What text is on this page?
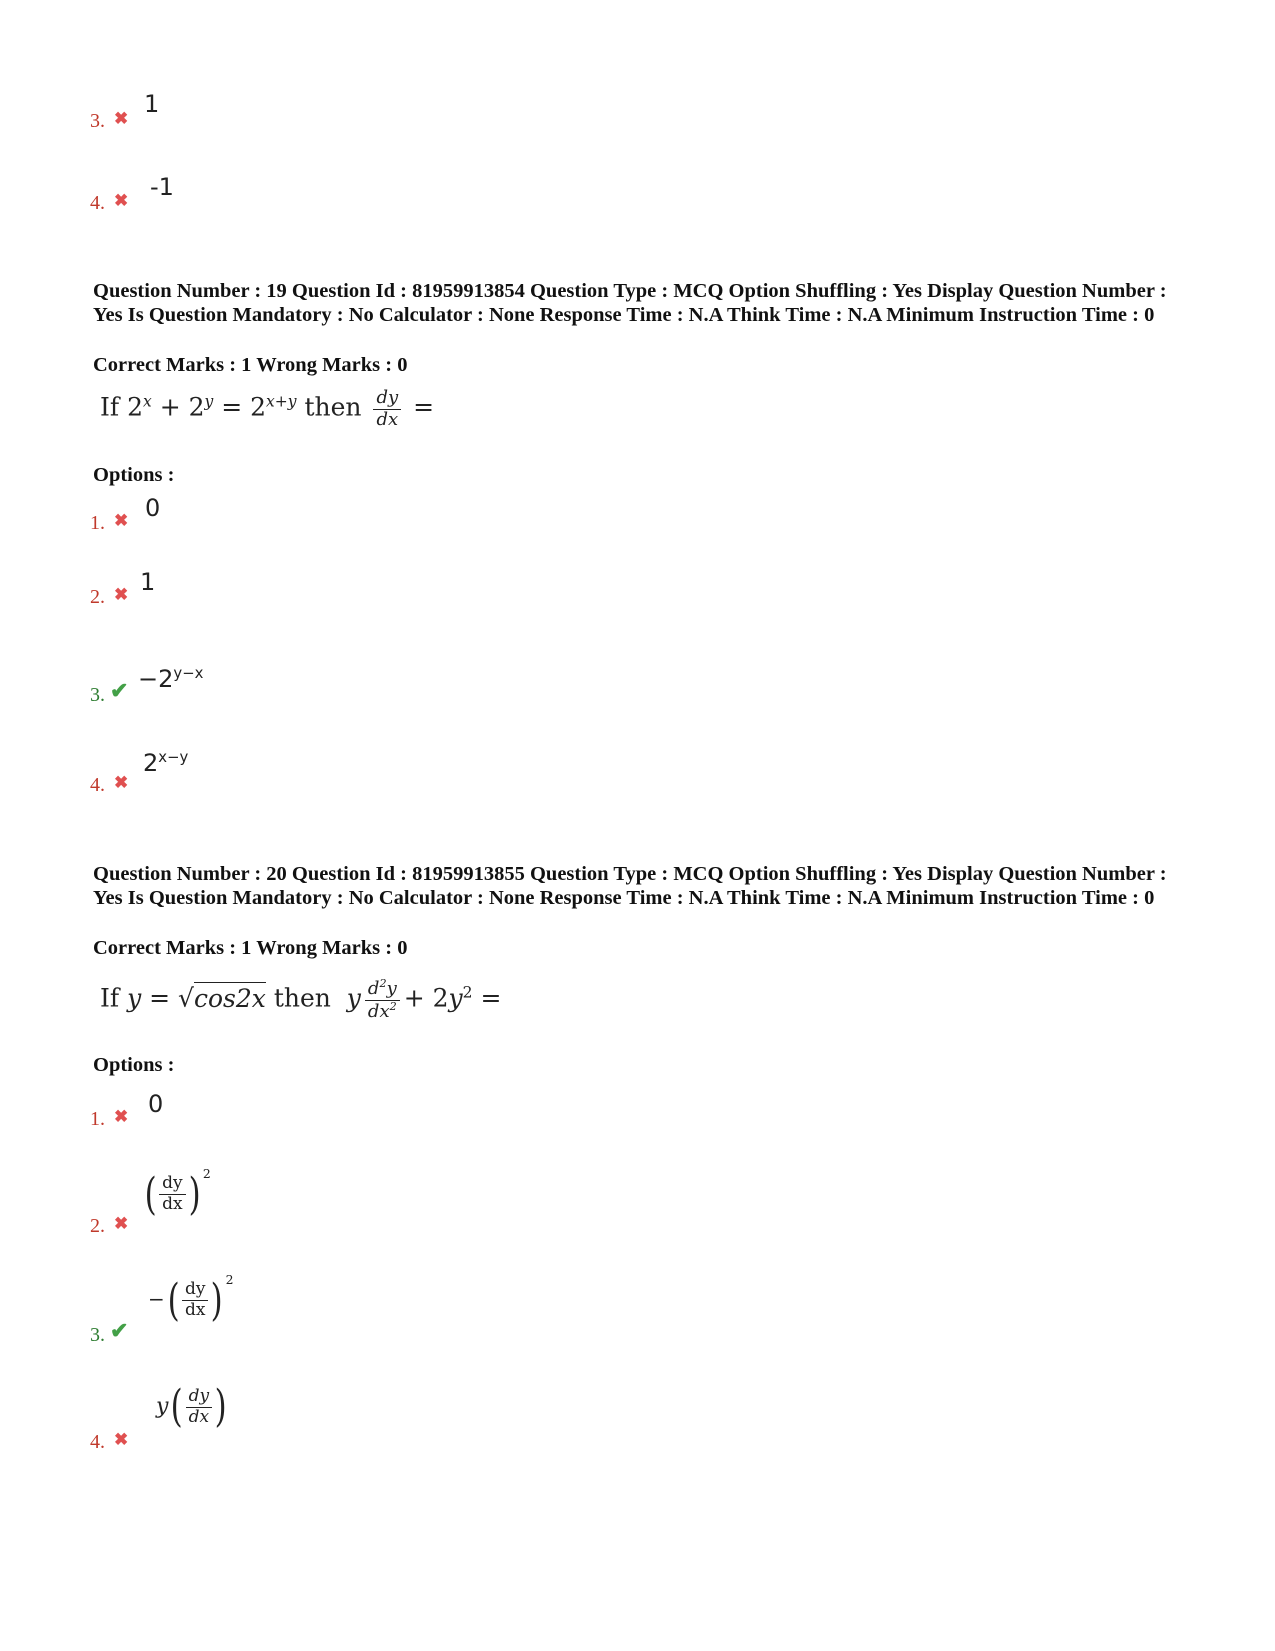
3. ✖
1
4. ✖ -1
Question Number : 19 Question Id : 81959913854 Question Type : MCQ Option Shuffling : Yes Display Question Number : Yes Is Question Mandatory : No Calculator : None Response Time : N.A Think Time : N.A Minimum Instruction Time : 0
Correct Marks : 1 Wrong Marks : 0
If $2^x + 2^y = 2^{x+y}$ then $\frac{dy}{dx}$ =
Options :
1. ✖ 0
2. ✖ 1
3. ✔ $-2^{y-x}$
4. ✖
$2^{x-y}$
Question Number : 20 Question Id : 81959913855 Question Type : MCQ Option Shuffling : Yes Display Question Number : Yes Is Question Mandatory : No Calculator : None Response Time : N.A Think Time : N.A Minimum Instruction Time : 0
Correct Marks : 1 Wrong Marks : 0
If y = √cos2x then y $\frac{d^2y}{dx^2} + 2y^2$ =
Options :
1. ✖ 0
2. ✖
( $\frac{dy}{dx}$ ) $^2$
3. ✔
−( $\frac{dy}{dx}$ ) $^2$
4. ✖
$y( \frac{dy}{dx}$ )
